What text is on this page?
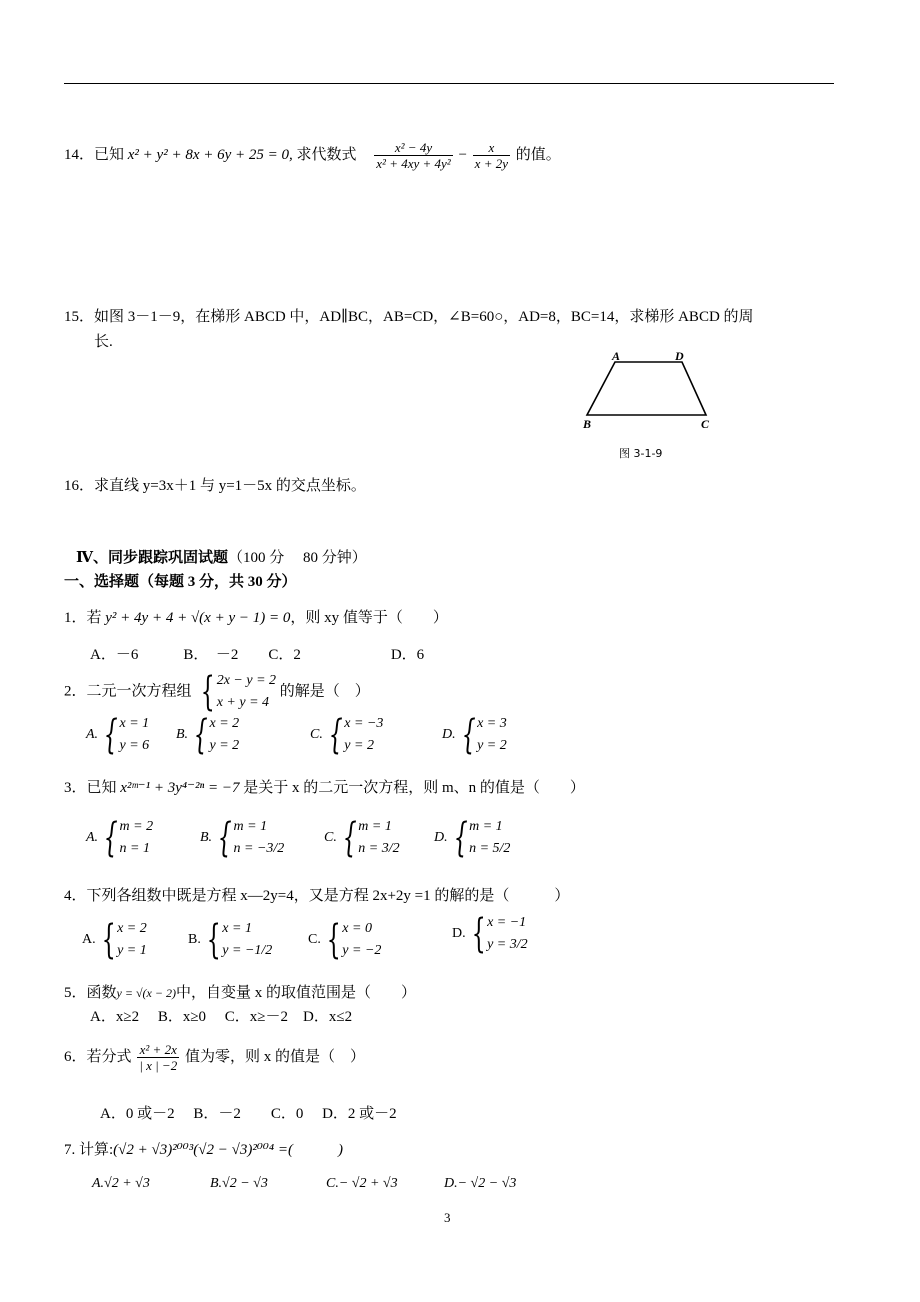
14．已知 x² + y² + 8x + 6y + 25 = 0, 求代数式 $\frac{\text{x² − 4y}}{\text{x² + 4xy + 4y²}} - \frac{x}{x + 2y}$ 的值。
15．如图 3－1－9，在梯形 ABCD 中，AD∥BC，AB=CD，∠B=60○，AD=8，BC=14，求梯形 ABCD 的周
长.
A	D
B	C
图 3-1-9
16．求直线 y=3x＋1 与 y=1－5x 的交点坐标。
Ⅳ、同步跟踪巩固试题（100 分　 80 分钟）
一、选择题（每题 3 分，共 30 分）
1．若 y² + 4y + 4 + √(x + y − 1) = 0，则 xy 值等于（　　）
A．－6　　　B．　－2　　C．2　　　　　　D．6
2．二元一次方程组 { 2x − y = 2
x + y = 4
的解是（　）
A. { x = 1
y = 6
B. { x = 2
y = 2
C. { x = −3
y = 2
D. { x = 3
y = 2
3．已知 x²ᵐ⁻¹ + 3y⁴⁻²ⁿ = −7 是关于 x 的二元一次方程，则 m、n 的值是（　　）
A. { m = 2
n = 1
B. { m = 1
n = −3/2
C. { m = 1
n = 3/2
D. { m = 1
n = 5/2
4．下列各组数中既是方程 x—2y=4，又是方程 2x+2y =1 的解的是（　　　）
A. { x = 2
y = 1
B. { x = 1
y = −1/2
C. { x = 0
y = −2
D. { x = −1
y = 3/2
5．函数y = √(x − 2)中，自变量 x 的取值范围是（　　）
A．x≥2　 B．x≥0　 C．x≥－2　D．x≤2
6．若分式 $\frac{\text{x² + 2x}}{| x | -2}$ 值为零，则 x 的值是（　）
A．0 或－2　 B．－2　　C．0　 D．2 或－2
7. 计算:(√2 + √3)²⁰⁰³(√2 − √3)²⁰⁰⁴ =(　　　)
A.√2 + √3	B.√2 − √3	C.− √2 + √3	D.− √2 − √3
3
